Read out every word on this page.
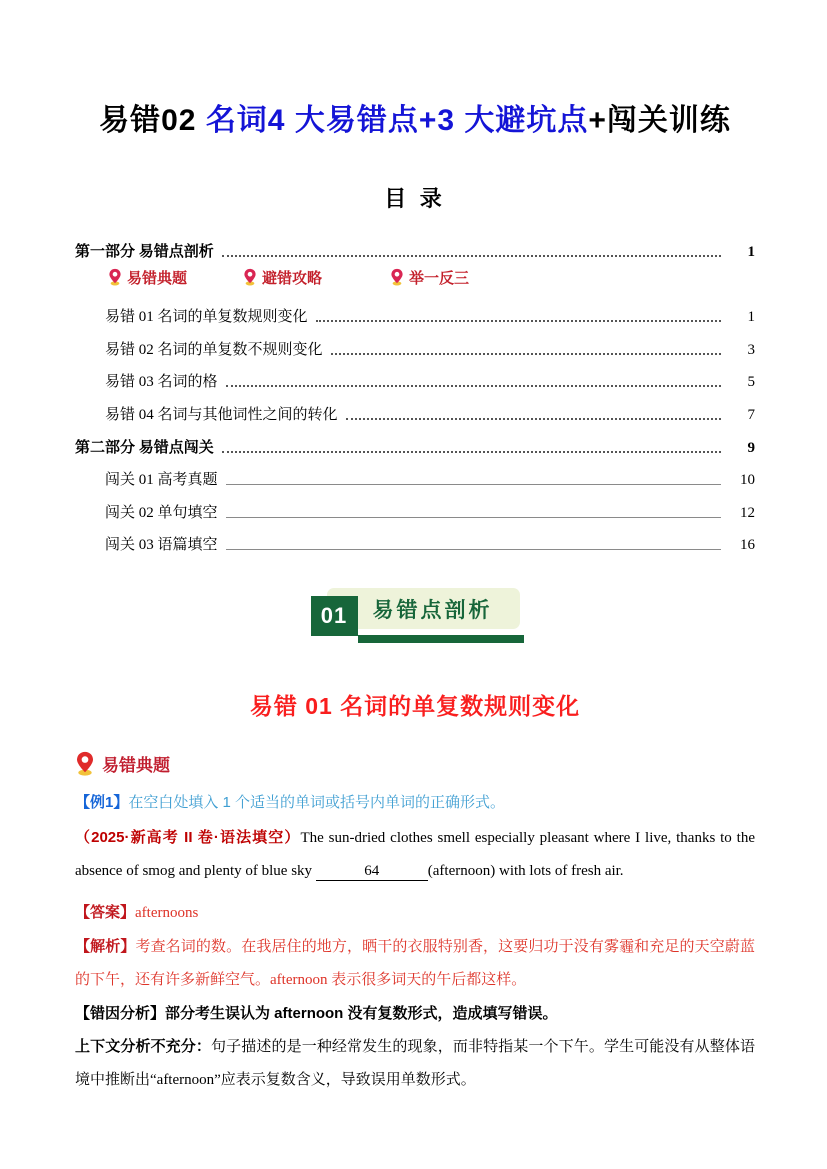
易错02 名词4 大易错点+3 大避坑点+闯关训练
目 录
第一部分 易错点剖析	1
易错典题	避错攻略	举一反三
易错 01 名词的单复数规则变化	1
易错 02 名词的单复数不规则变化	3
易错 03 名词的格	5
易错 04 名词与其他词性之间的转化	7
第二部分 易错点闯关	9
闯关 01 高考真题	10
闯关 02 单句填空	12
闯关 03 语篇填空	16
易错点剖析
01
易错 01 名词的单复数规则变化
易错典题

【例1】在空白处填入 1 个适当的单词或括号内单词的正确形式。

（2025·新高考 II 卷·语法填空）The sun-dried clothes smell especially pleasant where I live, thanks to the absence of smog and plenty of blue sky	64	(afternoon) with lots of fresh air.

【答案】afternoons

【解析】考查名词的数。在我居住的地方，晒干的衣服特别香，这要归功于没有雾霾和充足的天空蔚蓝的下午，还有许多新鲜空气。afternoon 表示很多词天的午后都这样。

【错因分析】部分考生误认为 afternoon 没有复数形式，造成填写错误。

上下文分析不充分：句子描述的是一种经常发生的现象，而非特指某一个下午。学生可能没有从整体语境中推断出“afternoon”应表示复数含义，导致误用单数形式。
